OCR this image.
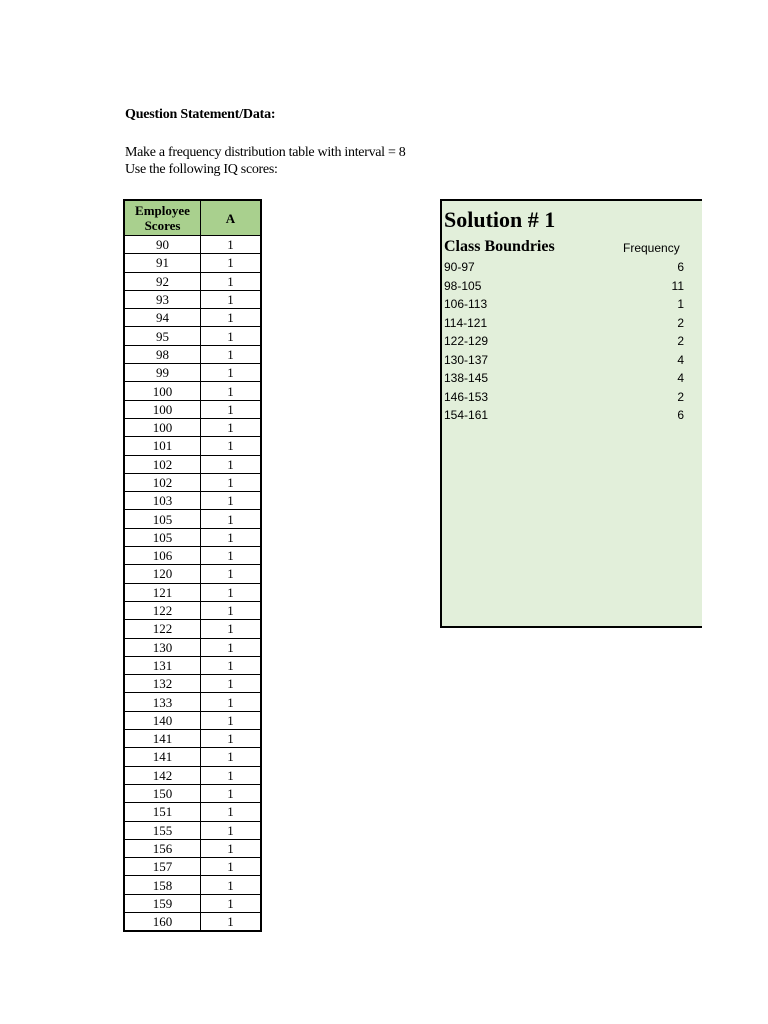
Question Statement/Data:
Make a frequency distribution table with interval = 8
Use the following IQ scores:
Employee
Scores	A
90	1
91	1
92	1
93	1
94	1
95	1
98	1
99	1
100	1
100	1
100	1
101	1
102	1
102	1
103	1
105	1
105	1
106	1
120	1
121	1
122	1
122	1
130	1
131	1
132	1
133	1
140	1
141	1
141	1
142	1
150	1
151	1
155	1
156	1
157	1
158	1
159	1
160	1
Solution # 1
Class Boundries	Frequency
90-97	6
98-105	11
106-113	1
114-121	2
122-129	2
130-137	4
138-145	4
146-153	2
154-161	6
